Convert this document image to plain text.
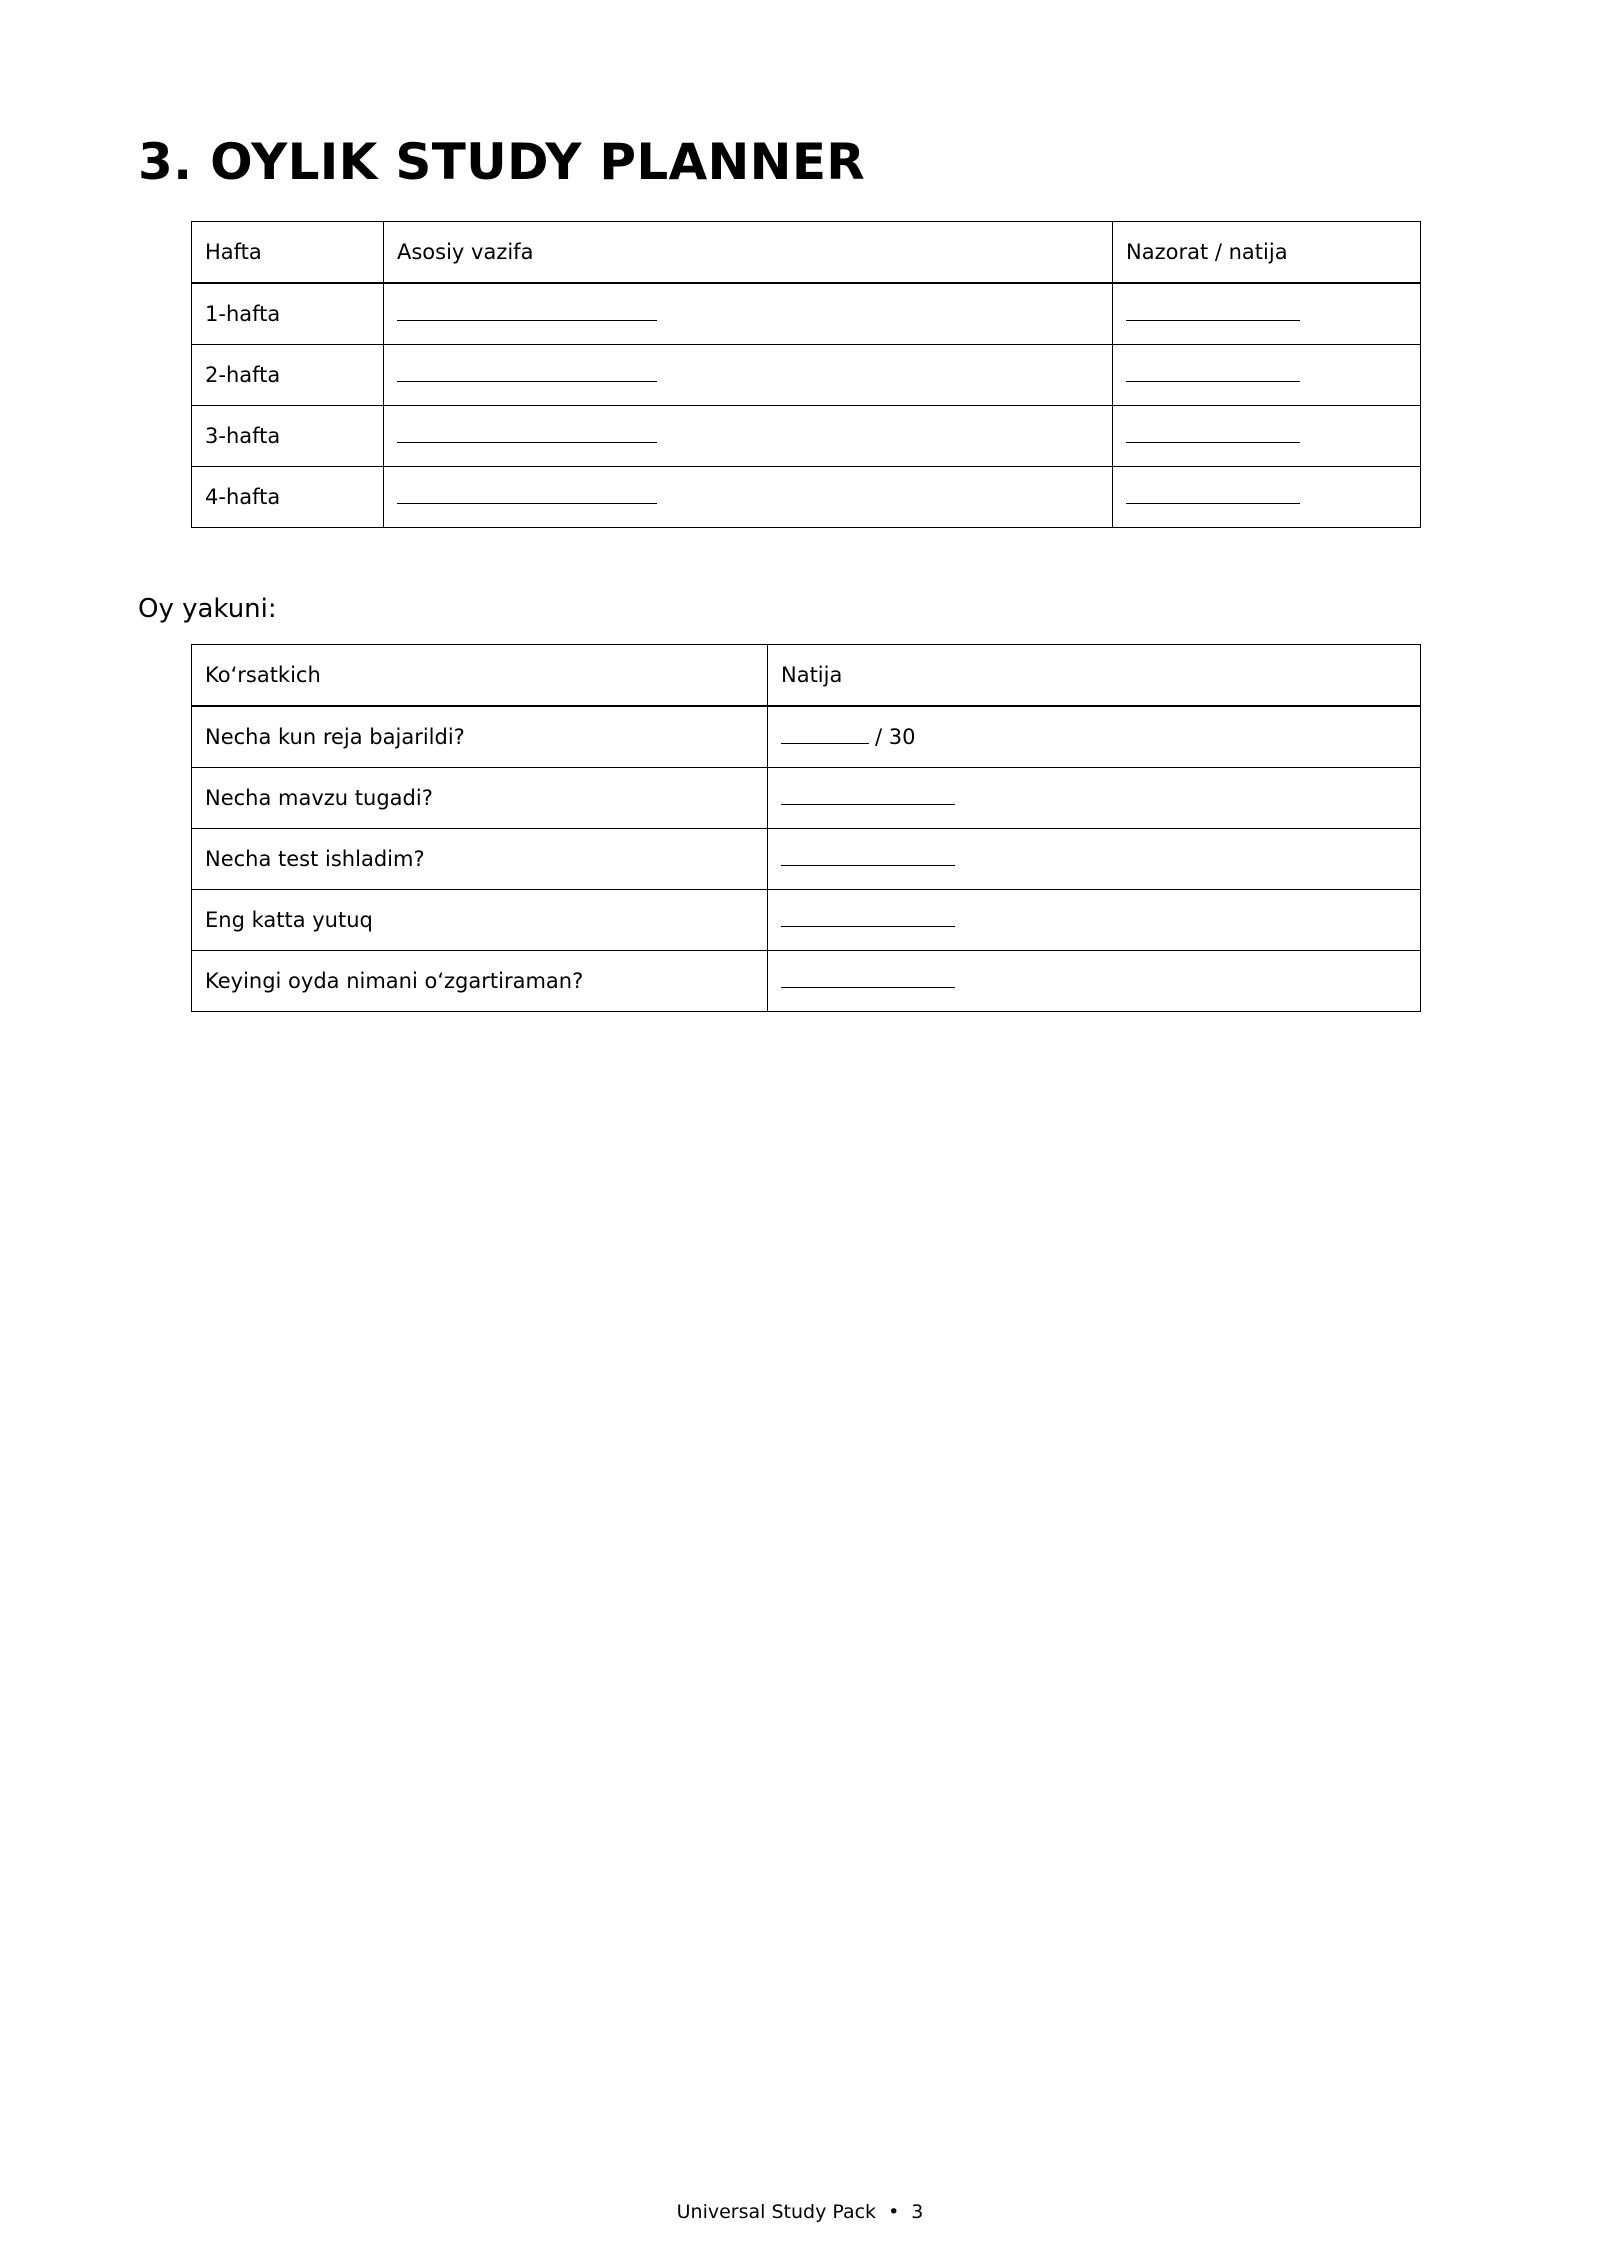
3. OYLIK STUDY PLANNER
Hafta	Asosiy vazifa	Nazorat / natija
1-hafta		
2-hafta		
3-hafta		
4-hafta		

Oy yakuni:

Ko‘rsatkich	Natija
Necha kun reja bajarildi?	/ 30
Necha mavzu tugadi?	
Necha test ishladim?	
Eng katta yutuq	
Keyingi oyda nimani o‘zgartiraman?	
Universal Study Pack • 3
